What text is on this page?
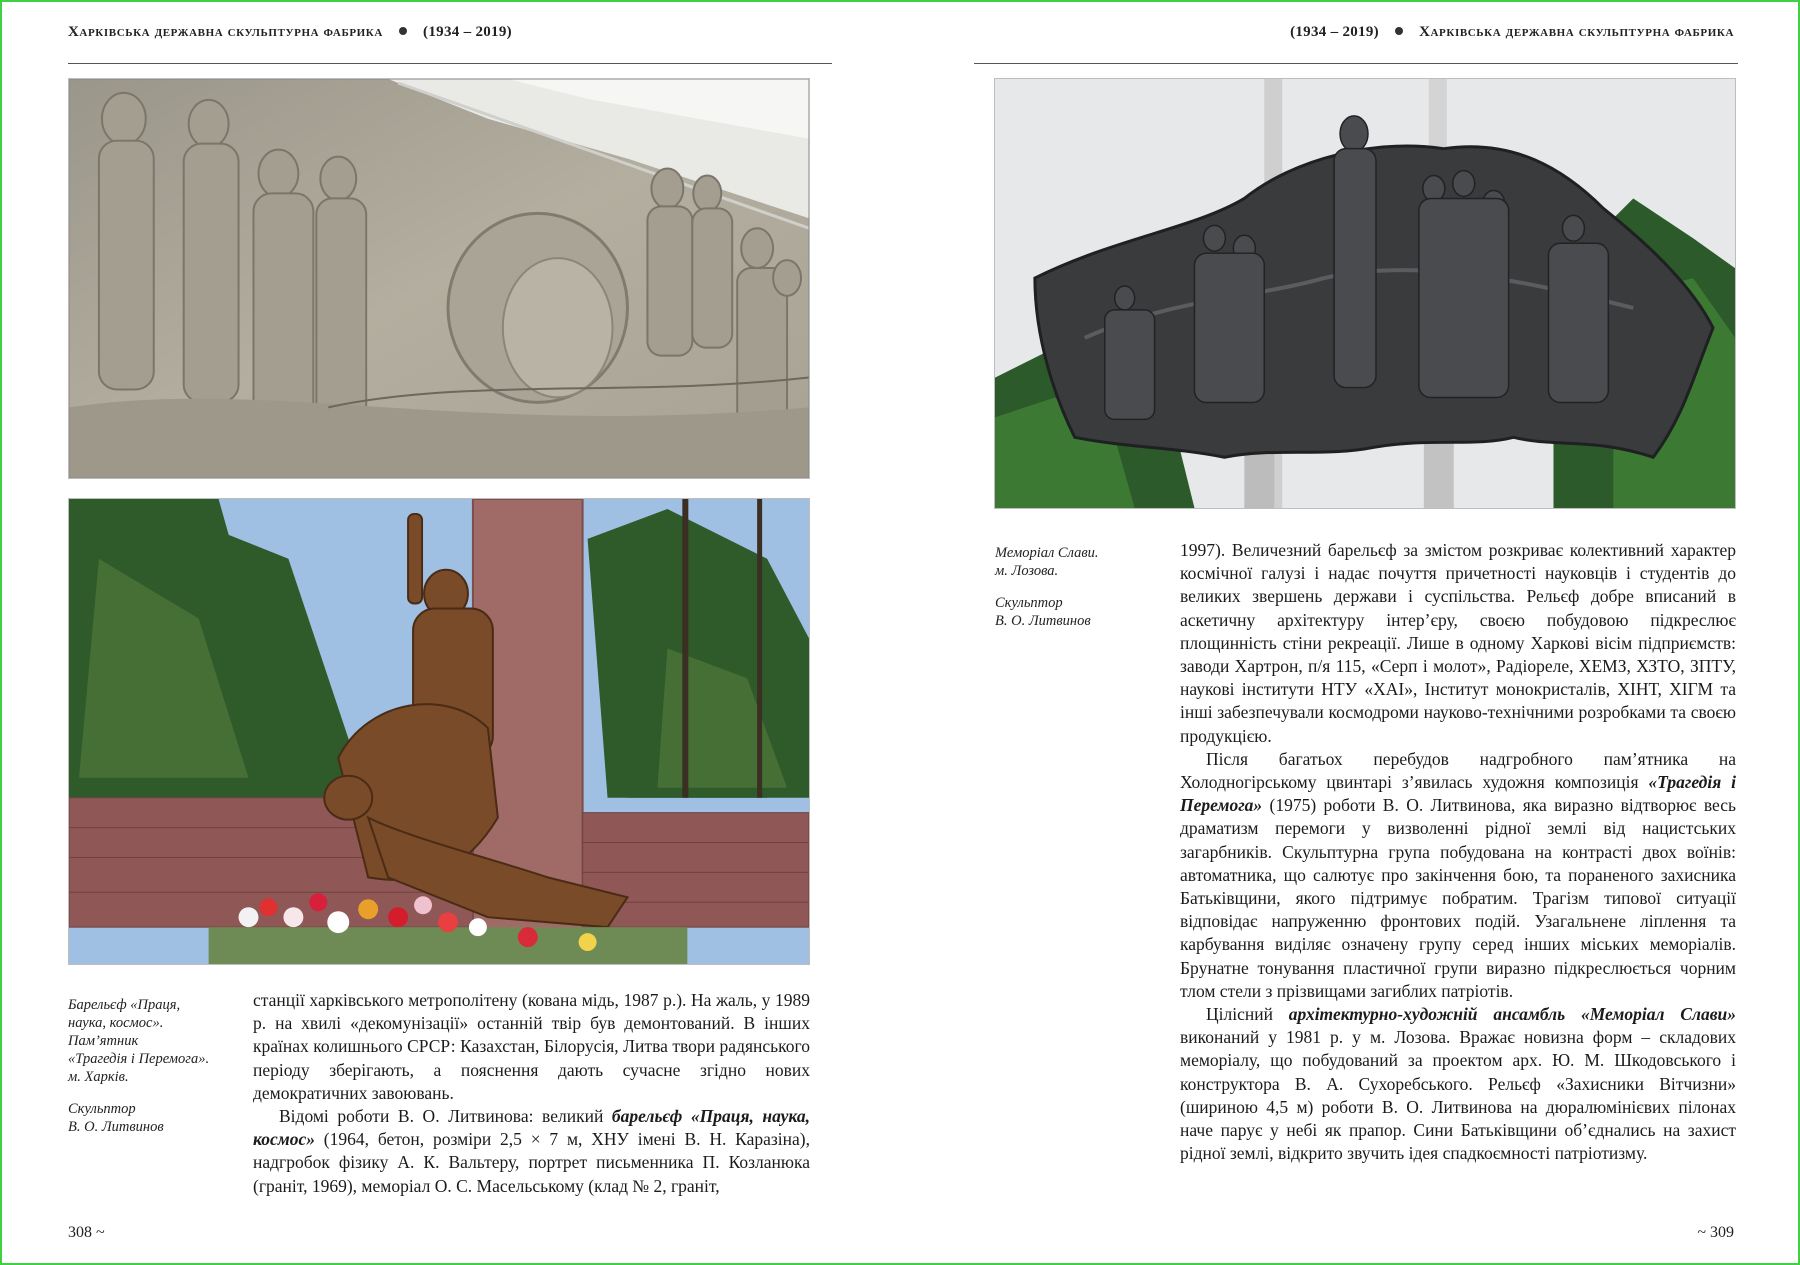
Харківська державна скульптурна фабрика	(1934 – 2019)

Барельєф «Праця,

наука, космос».

Пам’ятник

«Трагедія і Перемога».

м. Харків.

Скульптор

В. О. Литвинов

станції харківського метрополітену (кована мідь, 1987 р.). На жаль, у 1989 р. на хвилі «декомунізації» останній твір був демонтований. В інших країнах колишнього СРСР: Казахстан, Білорусія, Литва твори радянського періоду зберігають, а пояснення дають сучасне згідно нових демократичних завоювань.

Відомі роботи В. О. Литвинова: великий барельєф «Праця, наука, космос» (1964, бетон, розміри 2,5 × 7 м, ХНУ імені В. Н. Каразіна), надгробок фізику А. К. Вальтеру, портрет письменника П. Козланюка (граніт, 1969), меморіал О. С. Масельському (клад № 2, граніт,

308 ~
(1934 – 2019)	Харківська державна скульптурна фабрика

Меморіал Слави.

м. Лозова.

Скульптор

В. О. Литвинов

1997). Величезний барельєф за змістом розкриває колективний характер космічної галузі і надає почуття причетності науковців і студентів до великих звершень держави і суспільства. Рельєф добре вписаний в аскетичну архітектуру інтер’єру, своєю побудовою підкреслює площинність стіни рекреації. Лише в одному Харкові вісім підприємств: заводи Хартрон, п/я 115, «Серп і молот», Радіореле, ХЕМЗ, ХЗТО, ЗПТУ, наукові інститути НТУ «ХАІ», Інститут монокристалів, ХІНТ, ХІГМ та інші забезпечували космодроми науково-технічними розробками та своєю продукцією.

Після багатьох перебудов надгробного пам’ятника на Холодногірському цвинтарі з’явилась художня композиція «Трагедія і Перемога» (1975) роботи В. О. Литвинова, яка виразно відтворює весь драматизм перемоги у визволенні рідної землі від нацистських загарбників. Скульптурна група побудована на контрасті двох воїнів: автоматника, що салютує про закінчення бою, та пораненого захисника Батьківщини, якого підтримує побратим. Трагізм типової ситуації відповідає напруженню фронтових подій. Узагальнене ліплення та карбування виділяє означену групу серед інших міських меморіалів. Брунатне тонування пластичної групи виразно підкреслюється чорним тлом стели з прізвищами загиблих патріотів.

Цілісний архітектурно-художній ансамбль «Меморіал Слави» виконаний у 1981 р. у м. Лозова. Вражає новизна форм – складових меморіалу, що побудований за проектом арх. Ю. М. Шкодовського і конструктора В. А. Сухоребського. Рельєф «Захисники Вітчизни» (шириною 4,5 м) роботи В. О. Литвинова на дюралюмінієвих пілонах наче парує у небі як прапор. Сини Батьківщини об’єднались на захист рідної землі, відкрито звучить ідея спадкоємності патріотизму.

~ 309
